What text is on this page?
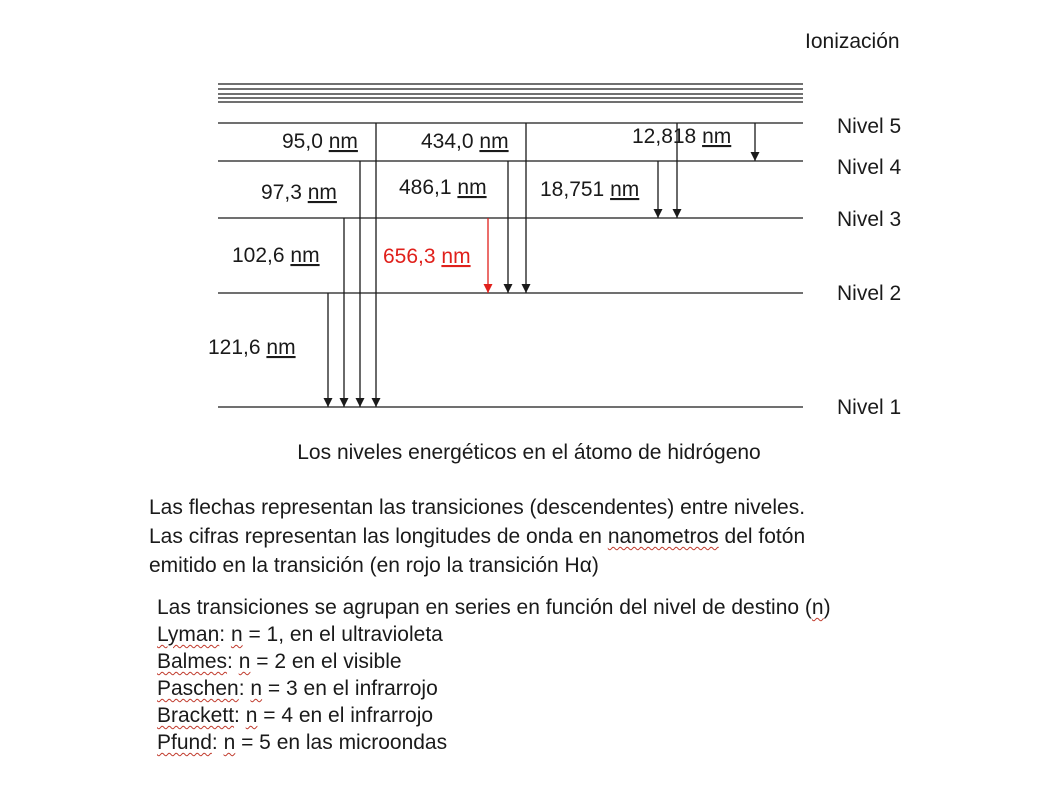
Ionización
Nivel 5
Nivel 4
Nivel 3
Nivel 2
Nivel 1
121,6 nm
102,6 nm
97,3 nm
95,0 nm
656,3 nm
486,1 nm
434,0 nm
18,751 nm
12,818 nm
Los niveles energéticos en el átomo de hidrógeno
Las flechas representan las transiciones (descendentes) entre niveles.
Las cifras representan las longitudes de onda en nanometros del fotón
emitido en la transición (en rojo la transición Hα)
Las transiciones se agrupan en series en función del nivel de destino (n)
Lyman: n = 1, en el ultravioleta
Balmes: n = 2 en el visible
Paschen: n = 3 en el infrarrojo
Brackett: n = 4 en el infrarrojo
Pfund: n = 5 en las microondas
